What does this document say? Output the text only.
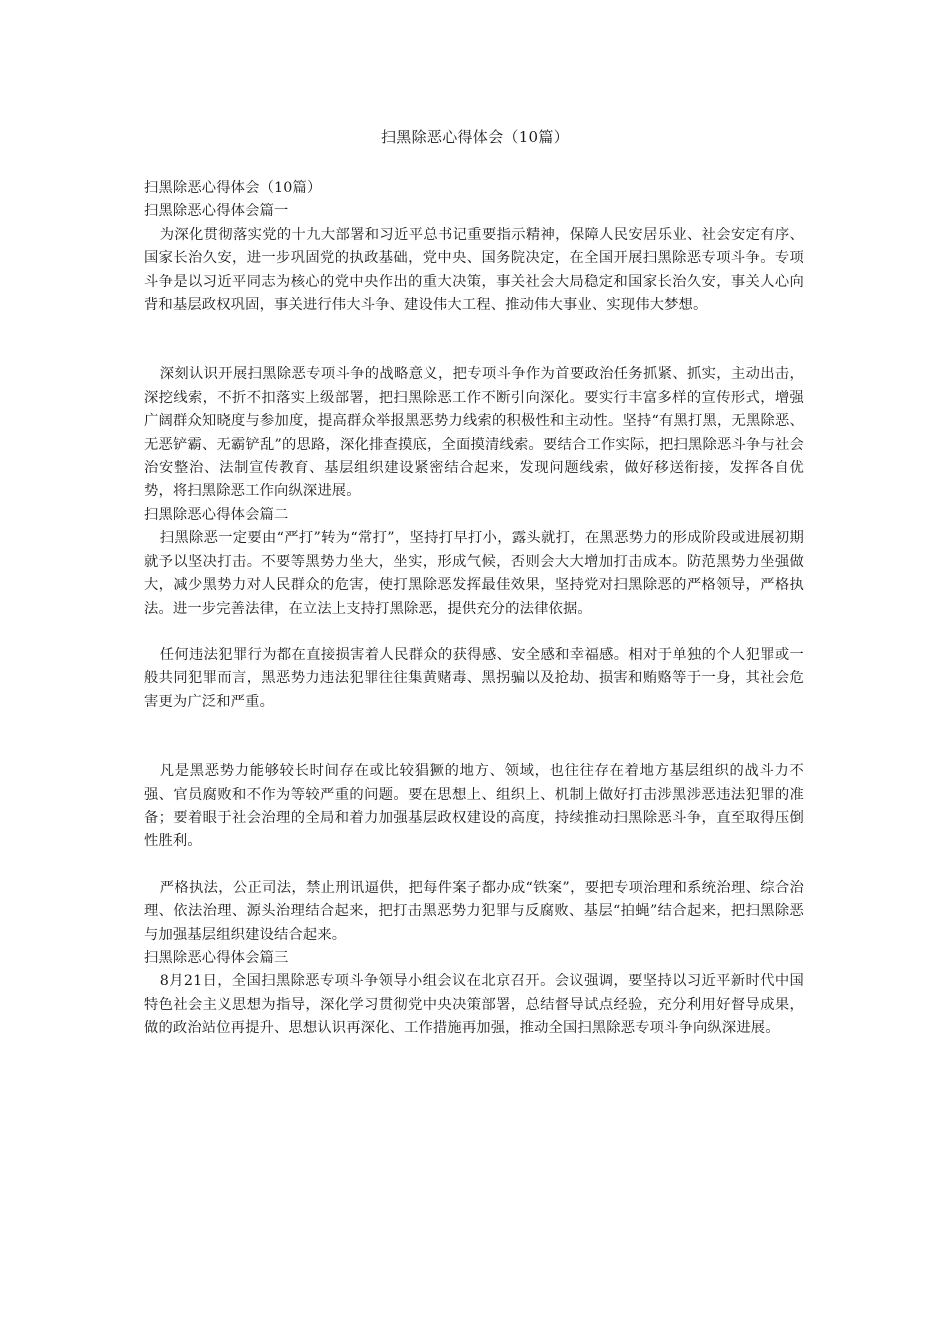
扫黑除恶心得体会（10篇）

扫黑除恶心得体会（10篇）

扫黑除恶心得体会篇一

为深化贯彻落实党的十九大部署和习近平总书记重要指示精神，保障人民安居乐业、社会安定有序、国家长治久安，进一步巩固党的执政基础，党中央、国务院决定，在全国开展扫黑除恶专项斗争。专项斗争是以习近平同志为核心的党中央作出的重大决策，事关社会大局稳定和国家长治久安，事关人心向背和基层政权巩固，事关进行伟大斗争、建设伟大工程、推动伟大事业、实现伟大梦想。

深刻认识开展扫黑除恶专项斗争的战略意义，把专项斗争作为首要政治任务抓紧、抓实，主动出击，深挖线索，不折不扣落实上级部署，把扫黑除恶工作不断引向深化。要实行丰富多样的宣传形式，增强广阔群众知晓度与参加度，提高群众举报黑恶势力线索的积极性和主动性。坚持“有黑打黑，无黑除恶、无恶铲霸、无霸铲乱”的思路，深化排查摸底，全面摸清线索。要结合工作实际，把扫黑除恶斗争与社会治安整治、法制宣传教育、基层组织建设紧密结合起来，发现问题线索，做好移送衔接，发挥各自优势，将扫黑除恶工作向纵深进展。

扫黑除恶心得体会篇二

扫黑除恶一定要由“严打”转为“常打”，坚持打早打小，露头就打，在黑恶势力的形成阶段或进展初期就予以坚决打击。不要等黑势力坐大，坐实，形成气候，否则会大大增加打击成本。防范黑势力坐强做大，减少黑势力对人民群众的危害，使打黑除恶发挥最佳效果，坚持党对扫黑除恶的严格领导，严格执法。进一步完善法律，在立法上支持打黑除恶，提供充分的法律依据。

任何违法犯罪行为都在直接损害着人民群众的获得感、安全感和幸福感。相对于单独的个人犯罪或一般共同犯罪而言，黑恶势力违法犯罪往往集黄赌毒、黑拐骗以及抢劫、损害和贿赂等于一身，其社会危害更为广泛和严重。

凡是黑恶势力能够较长时间存在或比较猖獗的地方、领域，也往往存在着地方基层组织的战斗力不强、官员腐败和不作为等较严重的问题。要在思想上、组织上、机制上做好打击涉黑涉恶违法犯罪的准备；要着眼于社会治理的全局和着力加强基层政权建设的高度，持续推动扫黑除恶斗争，直至取得压倒性胜利。

严格执法，公正司法，禁止刑讯逼供，把每件案子都办成“铁案”，要把专项治理和系统治理、综合治理、依法治理、源头治理结合起来，把打击黑恶势力犯罪与反腐败、基层“拍蝇”结合起来，把扫黑除恶与加强基层组织建设结合起来。

扫黑除恶心得体会篇三

8月21日，全国扫黑除恶专项斗争领导小组会议在北京召开。会议强调，要坚持以习近平新时代中国特色社会主义思想为指导，深化学习贯彻党中央决策部署，总结督导试点经验，充分利用好督导成果，做的政治站位再提升、思想认识再深化、工作措施再加强，推动全国扫黑除恶专项斗争向纵深进展。
